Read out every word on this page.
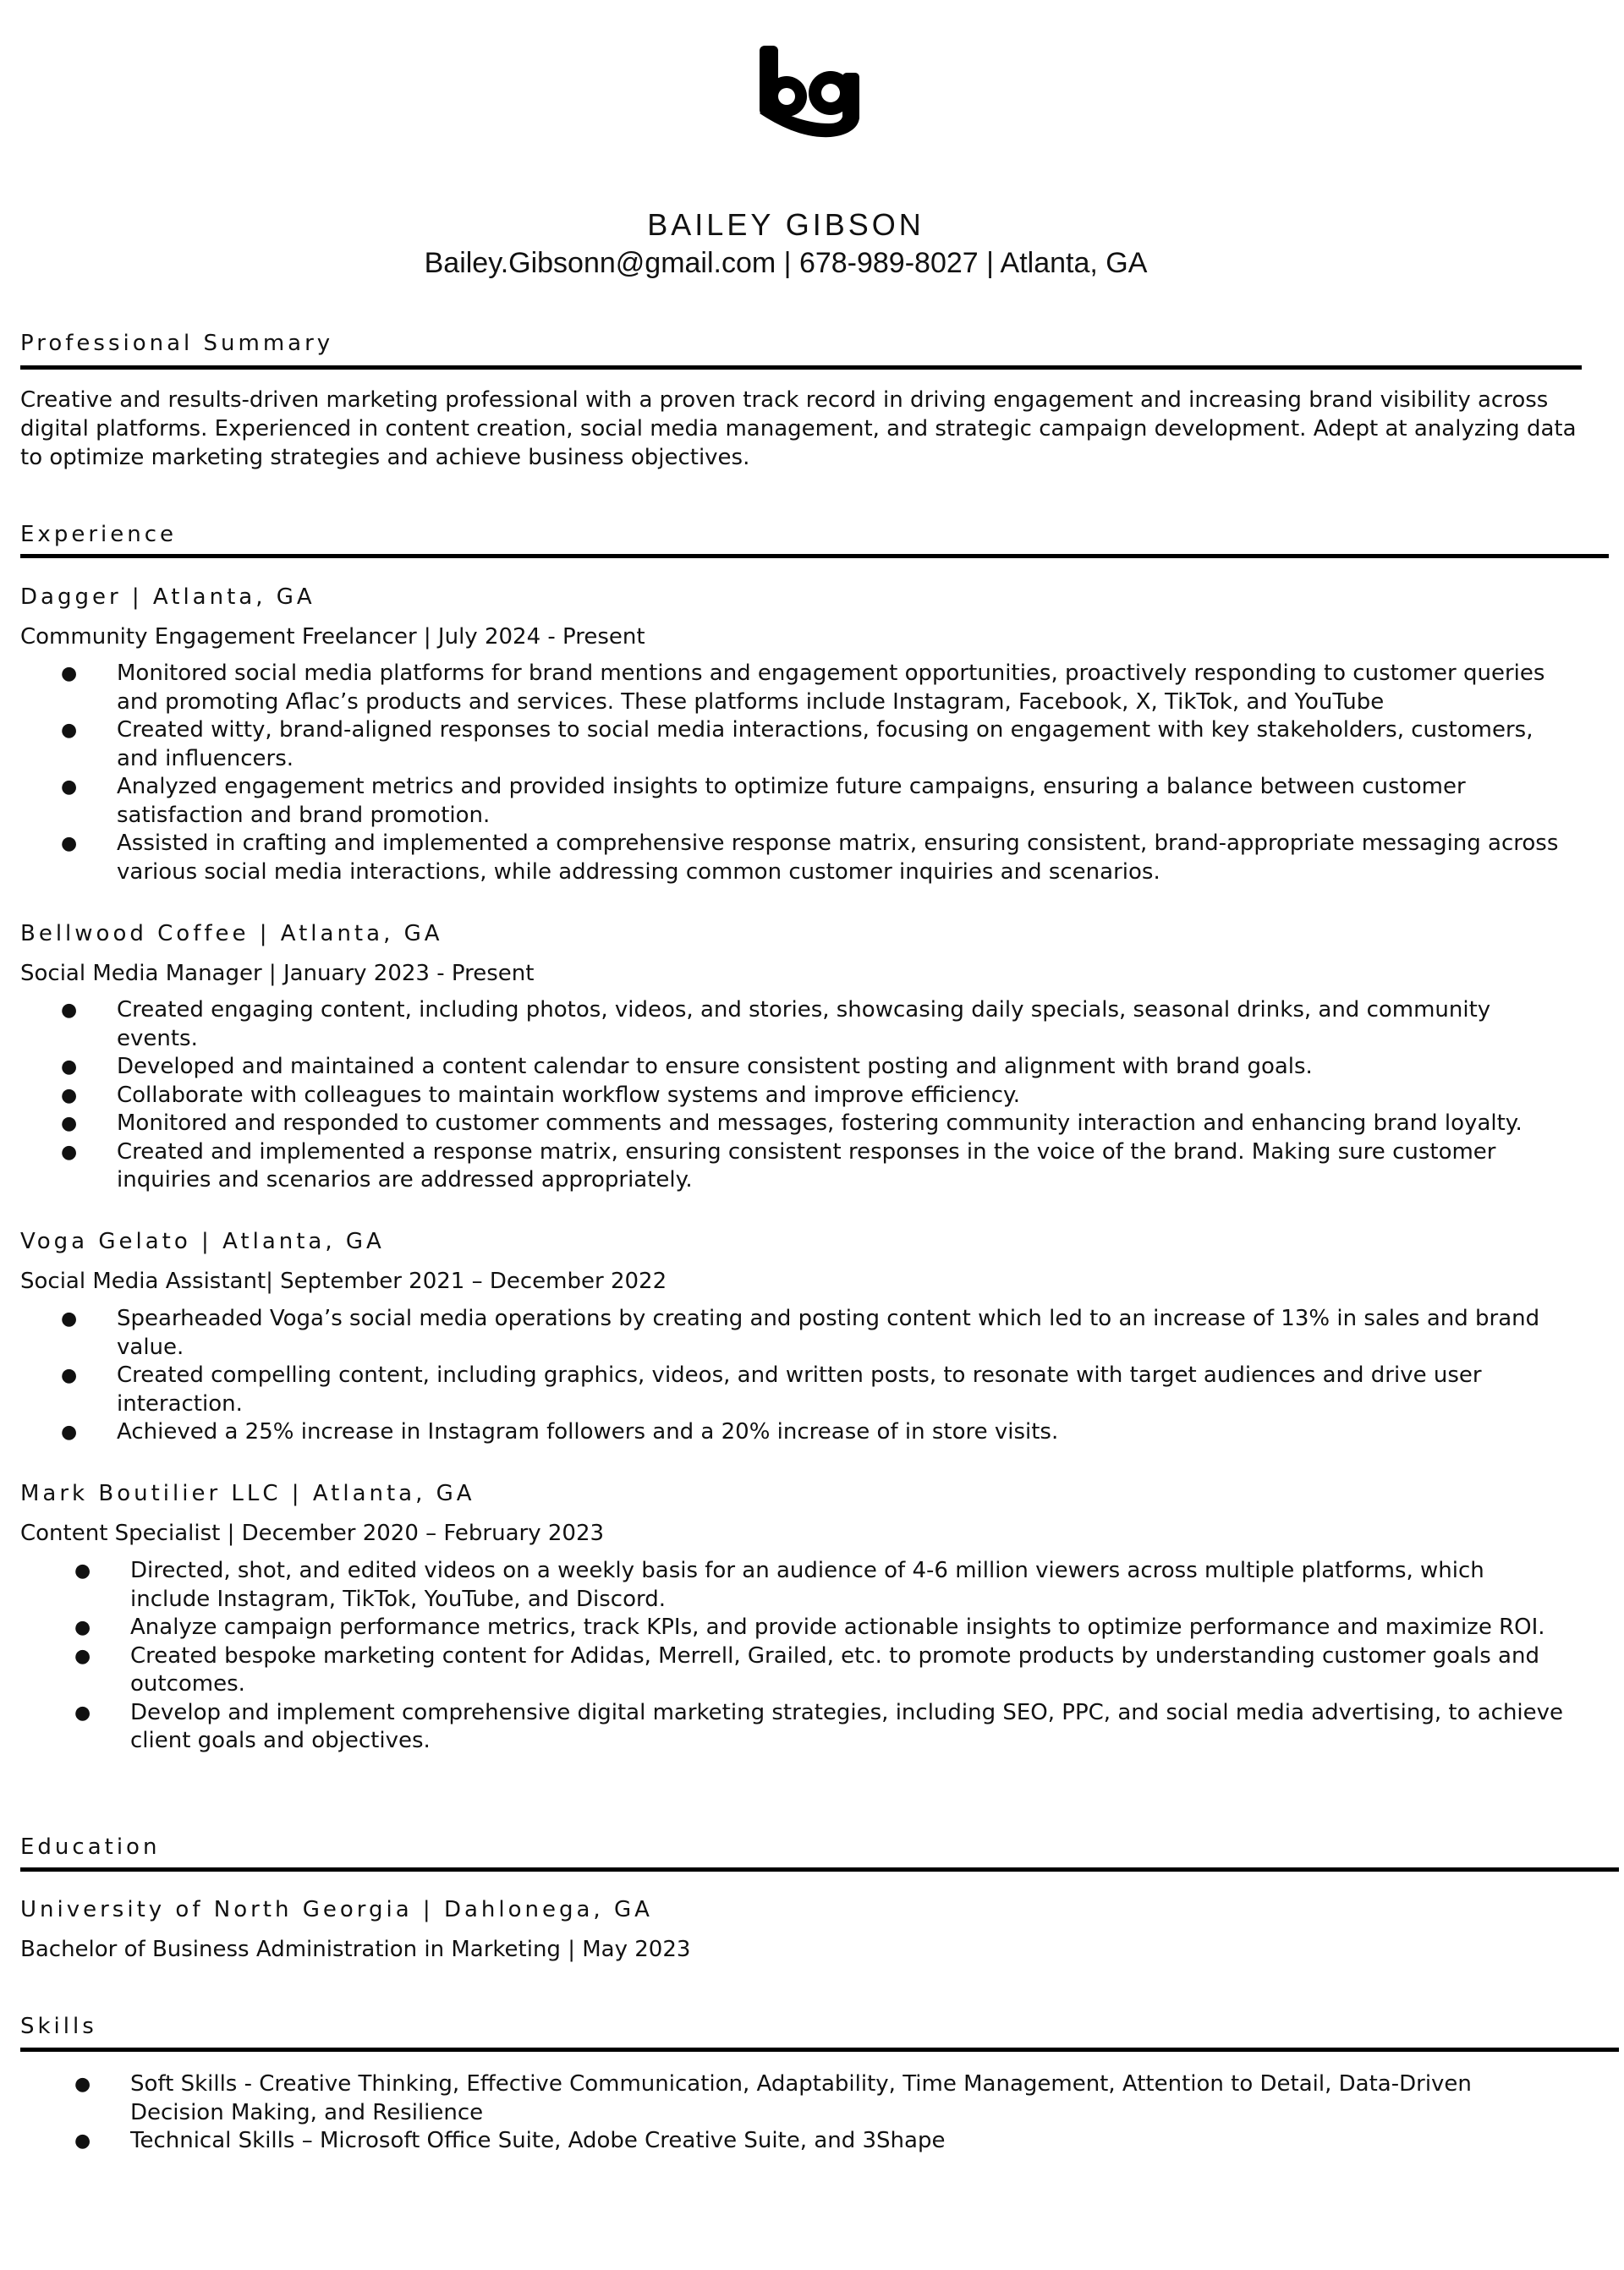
BAILEY GIBSON
Bailey.Gibsonn@gmail.com | 678-989-8027 | Atlanta, GA
Professional Summary

Creative and results-driven marketing professional with a proven track record in driving engagement and increasing brand visibility across digital platforms. Experienced in content creation, social media management, and strategic campaign development. Adept at analyzing data to optimize marketing strategies and achieve business objectives.

Experience
Dagger | Atlanta, GA
Community Engagement Freelancer | July 2024 - Present
● Monitored social media platforms for brand mentions and engagement opportunities, proactively responding to customer queries and promoting Aflac’s products and services. These platforms include Instagram, Facebook, X, TikTok, and YouTube
● Created witty, brand-aligned responses to social media interactions, focusing on engagement with key stakeholders, customers, and influencers.
● Analyzed engagement metrics and provided insights to optimize future campaigns, ensuring a balance between customer satisfaction and brand promotion.
● Assisted in crafting and implemented a comprehensive response matrix, ensuring consistent, brand-appropriate messaging across various social media interactions, while addressing common customer inquiries and scenarios.
Bellwood Coffee | Atlanta, GA
Social Media Manager | January 2023 - Present
● Created engaging content, including photos, videos, and stories, showcasing daily specials, seasonal drinks, and community events.
● Developed and maintained a content calendar to ensure consistent posting and alignment with brand goals.
● Collaborate with colleagues to maintain workflow systems and improve efficiency.
● Monitored and responded to customer comments and messages, fostering community interaction and enhancing brand loyalty.
● Created and implemented a response matrix, ensuring consistent responses in the voice of the brand. Making sure customer inquiries and scenarios are addressed appropriately.
Voga Gelato | Atlanta, GA
Social Media Assistant| September 2021 – December 2022
● Spearheaded Voga’s social media operations by creating and posting content which led to an increase of 13% in sales and brand value.
● Created compelling content, including graphics, videos, and written posts, to resonate with target audiences and drive user interaction.
● Achieved a 25% increase in Instagram followers and a 20% increase of in store visits.
Mark Boutilier LLC | Atlanta, GA
Content Specialist | December 2020 – February 2023
● Directed, shot, and edited videos on a weekly basis for an audience of 4-6 million viewers across multiple platforms, which include Instagram, TikTok, YouTube, and Discord.
● Analyze campaign performance metrics, track KPIs, and provide actionable insights to optimize performance and maximize ROI.
● Created bespoke marketing content for Adidas, Merrell, Grailed, etc. to promote products by understanding customer goals and outcomes.
● Develop and implement comprehensive digital marketing strategies, including SEO, PPC, and social media advertising, to achieve client goals and objectives.
Education
University of North Georgia | Dahlonega, GA
Bachelor of Business Administration in Marketing | May 2023
Skills
● Soft Skills - Creative Thinking, Effective Communication, Adaptability, Time Management, Attention to Detail, Data-Driven Decision Making, and Resilience
● Technical Skills – Microsoft Office Suite, Adobe Creative Suite, and 3Shape
